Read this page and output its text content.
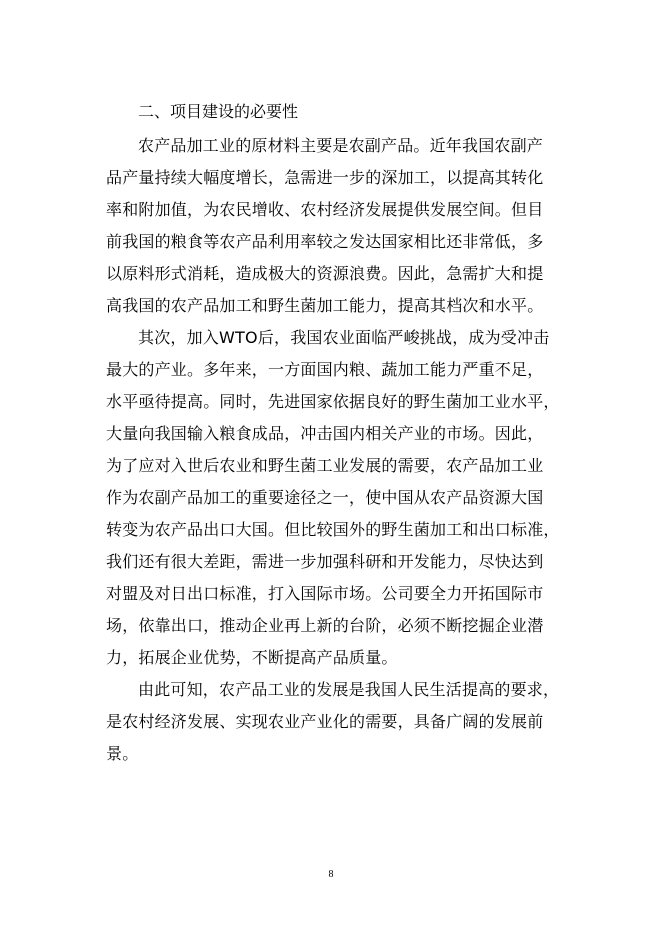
二、项目建设的必要性

农产品加工业的原材料主要是农副产品。近年我国农副产
品产量持续大幅度增长，急需进一步的深加工，以提高其转化
率和附加值，为农民增收、农村经济发展提供发展空间。但目
前我国的粮食等农产品利用率较之发达国家相比还非常低，多
以原料形式消耗，造成极大的资源浪费。因此，急需扩大和提
高我国的农产品加工和野生菌加工能力，提高其档次和水平。

其次，加入WTO后，我国农业面临严峻挑战，成为受冲击
最大的产业。多年来，一方面国内粮、蔬加工能力严重不足，
水平亟待提高。同时，先进国家依据良好的野生菌加工业水平，
大量向我国输入粮食成品，冲击国内相关产业的市场。因此，
为了应对入世后农业和野生菌工业发展的需要，农产品加工业
作为农副产品加工的重要途径之一，使中国从农产品资源大国
转变为农产品出口大国。但比较国外的野生菌加工和出口标准，
我们还有很大差距，需进一步加强科研和开发能力，尽快达到
对盟及对日出口标准，打入国际市场。公司要全力开拓国际市
场，依靠出口，推动企业再上新的台阶，必须不断挖掘企业潜
力，拓展企业优势，不断提高产品质量。

由此可知，农产品工业的发展是我国人民生活提高的要求，
是农村经济发展、实现农业产业化的需要，具备广阔的发展前
景。

8
